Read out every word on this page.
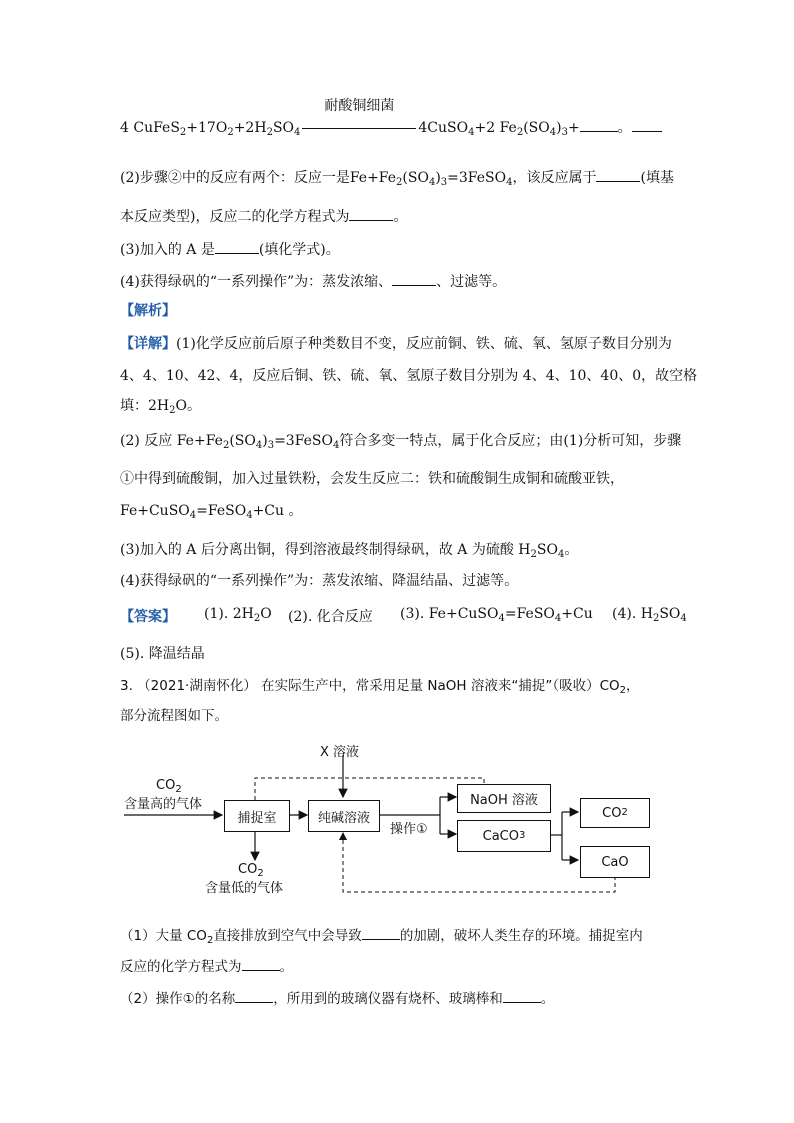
4 $CuFeS_2+17O_2+2H_2SO_4$
耐酸铜细菌
4CuSO$_4$+2 $Fe_2(SO_4)_3+$	。
(2)步骤②中的反应有两个：反应一是$Fe+Fe_2(SO_4)_3=3FeSO_4$，该反应属于	(填基
本反应类型)，反应二的化学方程式为	。
(3)加入的 A 是	(填化学式)。
(4)获得绿矾的“一系列操作”为：蒸发浓缩、	、过滤等。
【解析】
【详解】(1)化学反应前后原子种类数目不变，反应前铜、铁、硫、氧、氢原子数目分别为
4、4、10、42、4，反应后铜、铁、硫、氧、氢原子数目分别为 4、4、10、40、0，故空格
填：$2H_2O$。
(2) 反应 $Fe+Fe_2(SO_4)_3=3FeSO_4$符合多变一特点，属于化合反应；由(1)分析可知，步骤
①中得到硫酸铜，加入过量铁粉，会发生反应二：铁和硫酸铜生成铜和硫酸亚铁，
Fe+CuSO$_4$=FeSO$_4$+Cu 。
(3)加入的 A 后分离出铜，得到溶液最终制得绿矾，故 A 为硫酸 $H_2SO_4$。
(4)获得绿矾的“一系列操作”为：蒸发浓缩、降温结晶、过滤等。
【答案】 (1). $2H_2O$ (2). 化合反应 (3). Fe+CuSO$_4$=FeSO$_4$+Cu (4). $H_2SO_4$
(5). 降温结晶
3. （2021·湖南怀化） 在实际生产中，常采用足量 NaOH 溶液来“捕捉”（吸收）$CO_2$，
部分流程图如下。
X 溶液
$CO_2$
含量高的气体
捕捉室	纯碱溶液
NaOH 溶液
CaCO 3
CO 2
CaO
操作①
$CO_2$
含量低的气体
（1）大量 $CO_2$直接排放到空气中会导致	的加剧，破坏人类生存的环境。捕捉室内
反应的化学方程式为	。
（2）操作①的名称	，所用到的玻璃仪器有烧杯、玻璃棒和	。
